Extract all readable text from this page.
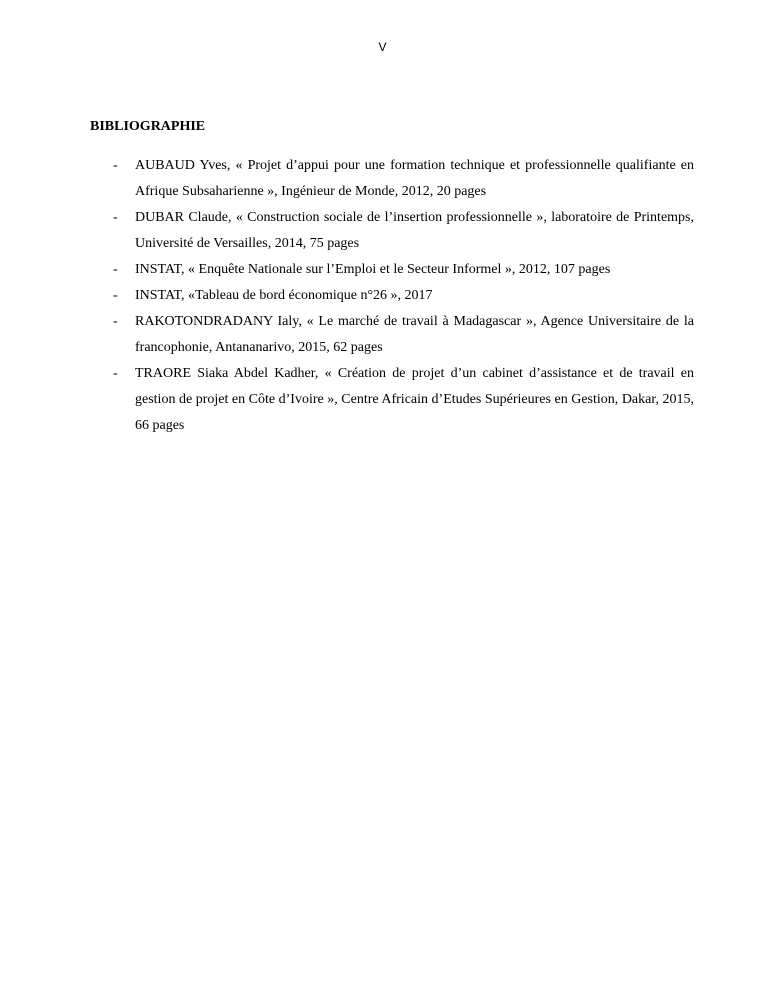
V
BIBLIOGRAPHIE
- AUBAUD Yves, « Projet d’appui pour une formation technique et professionnelle qualifiante en Afrique Subsaharienne », Ingénieur de Monde, 2012, 20 pages
- DUBAR Claude, « Construction sociale de l’insertion professionnelle », laboratoire de Printemps, Université de Versailles, 2014, 75 pages
- INSTAT, « Enquête Nationale sur l’Emploi et le Secteur Informel », 2012, 107 pages
- INSTAT, «Tableau de bord économique n°26 », 2017
- RAKOTONDRADANY Ialy, « Le marché de travail à Madagascar », Agence Universitaire de la francophonie, Antananarivo, 2015, 62 pages
- TRAORE Siaka Abdel Kadher, « Création de projet d’un cabinet d’assistance et de travail en gestion de projet en Côte d’Ivoire », Centre Africain d’Etudes Supérieures en Gestion, Dakar, 2015, 66 pages
